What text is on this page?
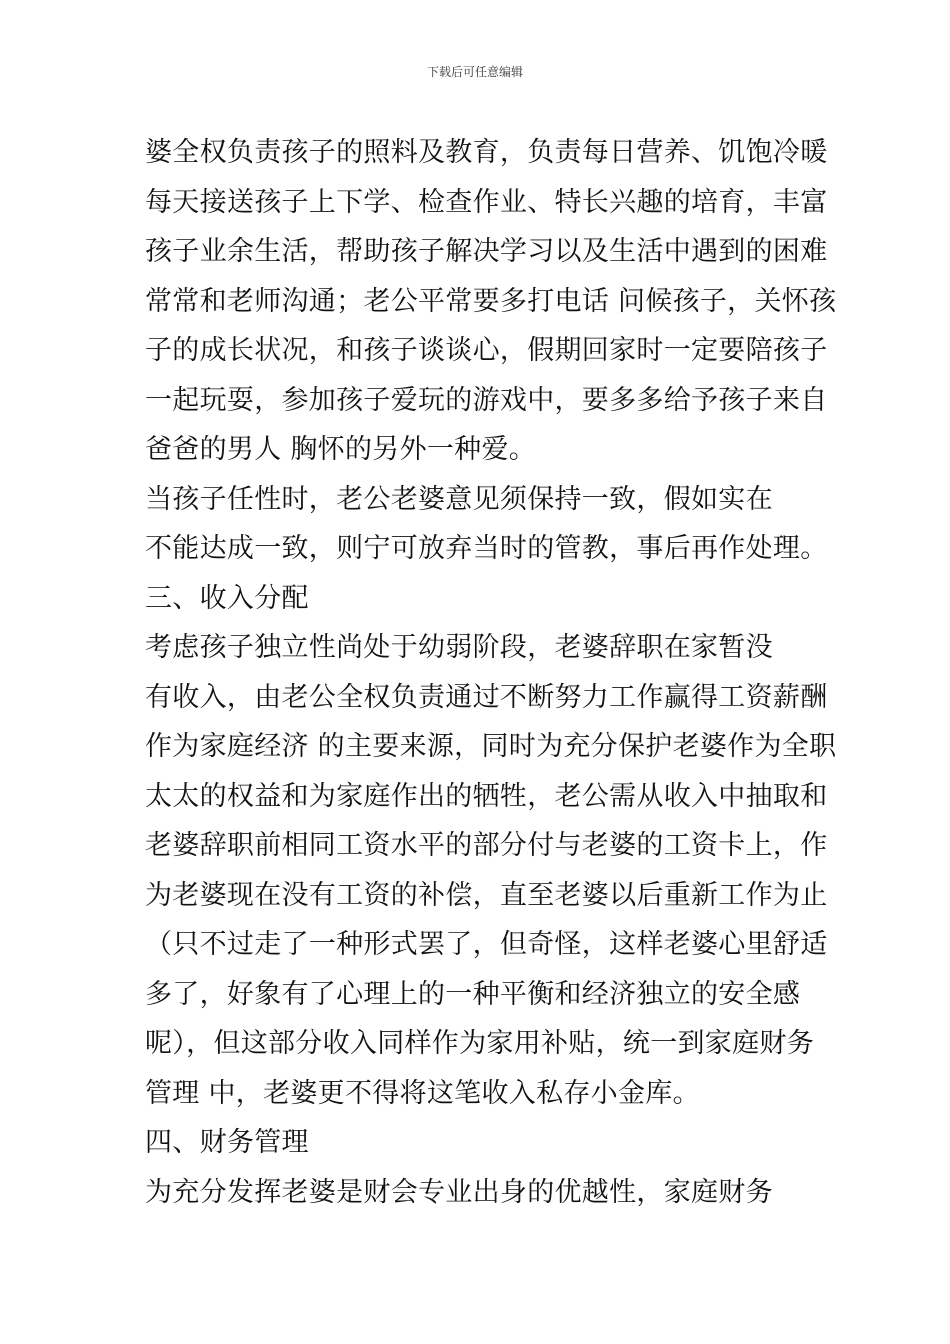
下载后可任意编辑
婆全权负责孩子的照料及教育，负责每日营养、饥饱冷暖
每天接送孩子上下学、检查作业、特长兴趣的培育，丰富
孩子业余生活，帮助孩子解决学习以及生活中遇到的困难
常常和老师沟通；老公平常要多打电话 问候孩子，关怀孩
子的成长状况，和孩子谈谈心，假期回家时一定要陪孩子
一起玩耍，参加孩子爱玩的游戏中，要多多给予孩子来自
爸爸的男人 胸怀的另外一种爱。
当孩子任性时，老公老婆意见须保持一致，假如实在
不能达成一致，则宁可放弃当时的管教，事后再作处理。
三、收入分配
考虑孩子独立性尚处于幼弱阶段，老婆辞职在家暂没
有收入，由老公全权负责通过不断努力工作赢得工资薪酬
作为家庭经济 的主要来源，同时为充分保护老婆作为全职
太太的权益和为家庭作出的牺牲，老公需从收入中抽取和
老婆辞职前相同工资水平的部分付与老婆的工资卡上，作
为老婆现在没有工资的补偿，直至老婆以后重新工作为止
（只不过走了一种形式罢了，但奇怪，这样老婆心里舒适
多了，好象有了心理上的一种平衡和经济独立的安全感
呢），但这部分收入同样作为家用补贴，统一到家庭财务
管理 中，老婆更不得将这笔收入私存小金库。
四、财务管理
为充分发挥老婆是财会专业出身的优越性，家庭财务
